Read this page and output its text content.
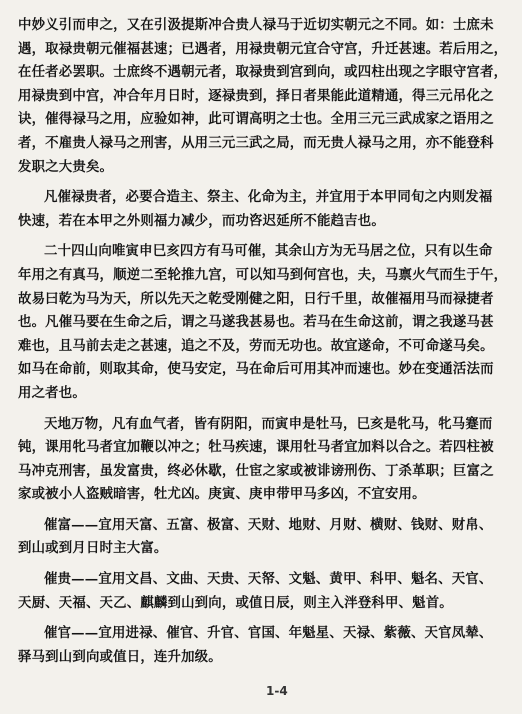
中妙义引而申之，又在引汲提斯冲合贵人禄马于近切实朝元之不同。如：士庶未
遇，取禄贵朝元催福甚速；已遇者，用禄贵朝元宜合守宫，升迁甚速。若后用之，
在任者必罢职。士庶终不遇朝元者，取禄贵到宫到向，或四柱出现之字眼守宫者，
用禄贵到中宫，冲合年月日时，逐禄贵到，择日者果能此道精通，得三元吊化之
诀，催得禄马之用，应验如神，此可谓高明之士也。全用三元三武成家之语用之
者，不雇贵人禄马之刑害，从用三元三武之局，而无贵人禄马之用，亦不能登科
发职之大贵矣。
凡催禄贵者，必要合造主、祭主、化命为主，并宜用于本甲同旬之内则发福
快速，若在本甲之外则福力减少，而功咨迟延所不能趋吉也。
二十四山向唯寅申巳亥四方有马可催，其余山方为无马居之位，只有以生命
年用之有真马，顺逆二至轮推九宫，可以知马到何宫也，夫，马禀火气而生于午，
故易曰乾为马为天，所以先天之乾受刚健之阳，日行千里，故催福用马而禄捷者
也。凡催马要在生命之后，谓之马遂我甚易也。若马在生命这前，谓之我遂马甚
难也，且马前去走之甚速，追之不及，劳而无功也。故宜遂命，不可命遂马矣。
如马在命前，则取其命，使马安定，马在命后可用其冲而速也。妙在变通活法而
用之者也。
天地万物，凡有血气者，皆有阴阳，而寅申是牡马，巳亥是牝马，牝马蹇而
钝，课用牝马者宜加鞭以冲之；牡马疾速，课用牡马者宜加料以合之。若四柱被
马冲克刑害，虽发富贵，终必休歇，仕宦之家或被诽谤刑伤、丁杀革职；巨富之
家或被小人盗贼暗害，牡尤凶。庚寅、庚申带甲马多凶，不宜安用。
催富——宜用天富、五富、极富、天财、地财、月财、横财、钱财、财帛、
到山或到月日时主大富。
催贵——宜用文昌、文曲、天贵、天帑、文魁、黄甲、科甲、魁名、天官、
天厨、天福、天乙、麒麟到山到向，或值日辰，则主入泮登科甲、魁首。
催官——宜用进禄、催官、升官、官国、年魁星、天禄、紫薇、天官凤辇、
驿马到山到向或值日，连升加级。
1-4
